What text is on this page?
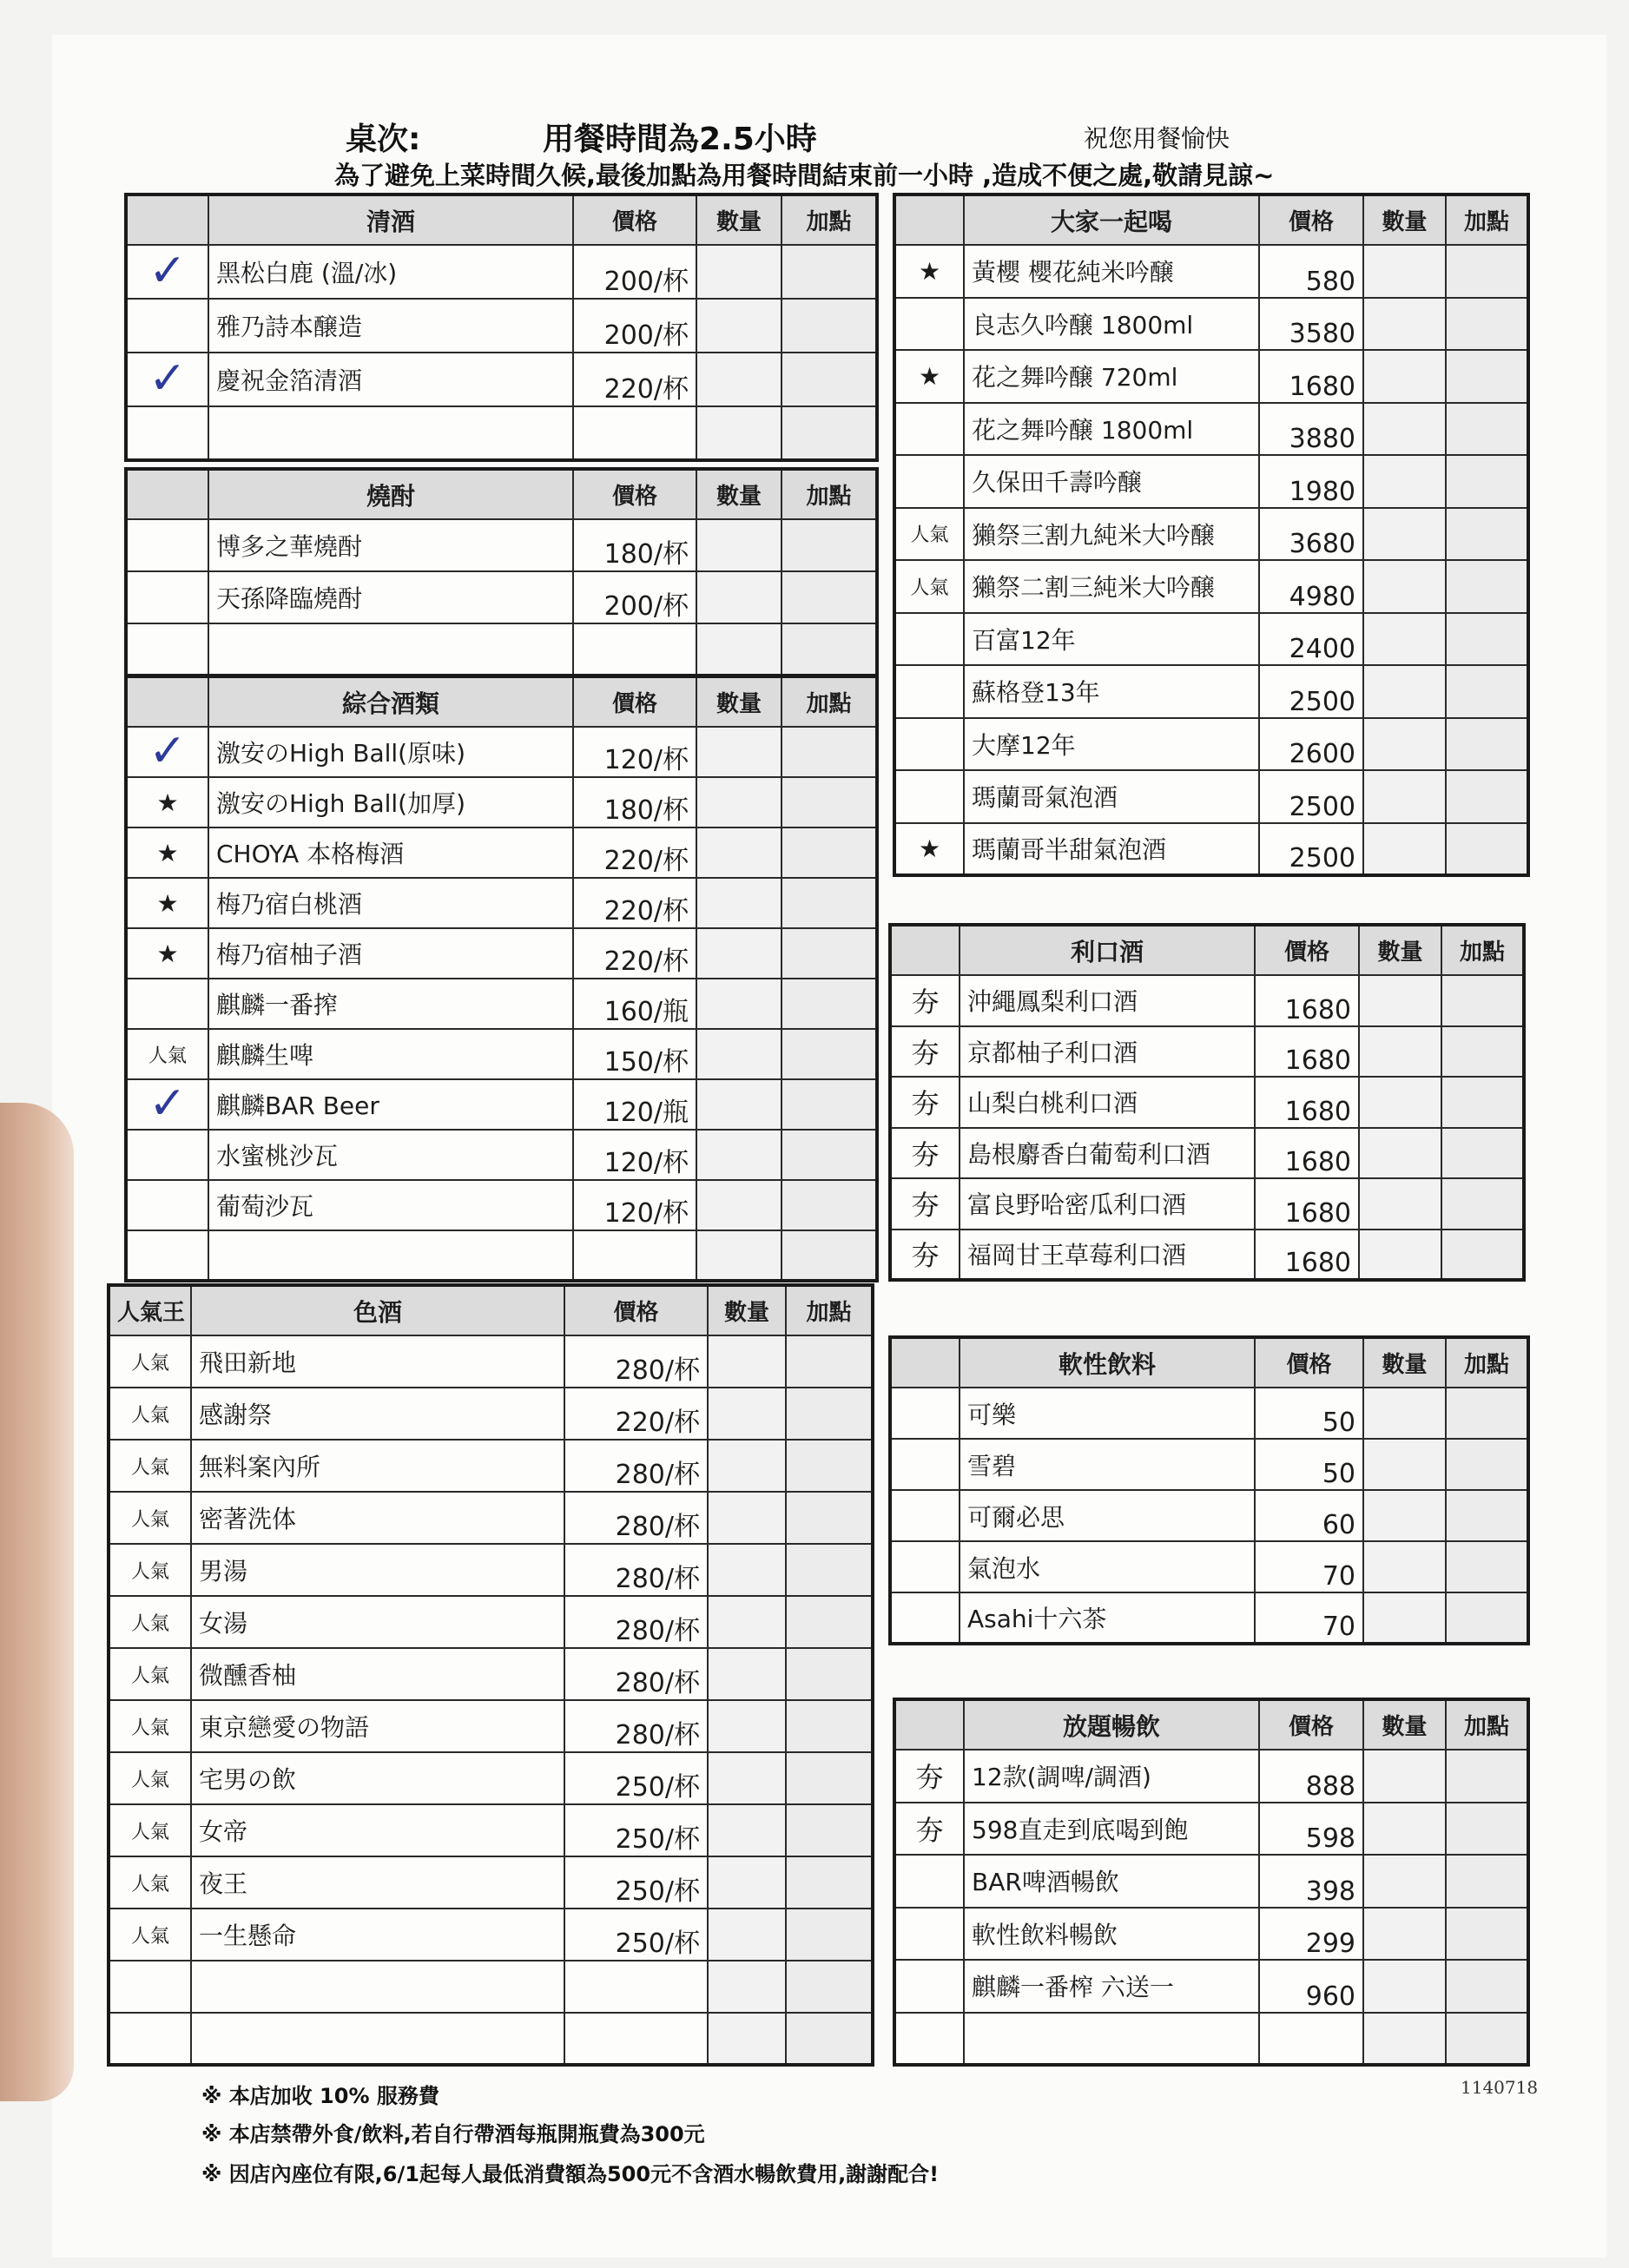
桌次:	用餐時間為2.5小時	祝您用餐愉快
為了避免上菜時間久候,最後加點為用餐時間結束前一小時 ,造成不便之處,敬請見諒~
	清酒	價格	數量	加點
✓	黑松白鹿 (溫/冰)	200/杯		
	雅乃詩本醸造	200/杯		
✓	慶祝金箔清酒	220/杯		

	燒酎	價格	數量	加點
	博多之華燒酎	180/杯		
	天孫降臨燒酎	200/杯		

	綜合酒類	價格	數量	加點
✓	激安のHigh Ball(原味)	120/杯		
★	激安のHigh Ball(加厚)	180/杯		
★	CHOYA 本格梅酒	220/杯		
★	梅乃宿白桃酒	220/杯		
★	梅乃宿柚子酒	220/杯		
	麒麟一番搾	160/瓶		
人氣	麒麟生啤	150/杯		
✓	麒麟BAR Beer	120/瓶		
	水蜜桃沙瓦	120/杯		
	葡萄沙瓦	120/杯		

人氣王	色酒	價格	數量	加點
人氣	飛田新地	280/杯		
人氣	感謝祭	220/杯		
人氣	無料案內所	280/杯		
人氣	密著洗体	280/杯		
人氣	男湯	280/杯		
人氣	女湯	280/杯		
人氣	微醺香柚	280/杯		
人氣	東京戀愛の物語	280/杯		
人氣	宅男の飲	250/杯		
人氣	女帝	250/杯		
人氣	夜王	250/杯		
人氣	一生懸命	250/杯		

	大家一起喝	價格	數量	加點
★	黃櫻 櫻花純米吟醸	580		
	良志久吟醸 1800ml	3580		
★	花之舞吟醸 720ml	1680		
	花之舞吟醸 1800ml	3880		
	久保田千壽吟醸	1980		
人氣	獺祭三割九純米大吟醸	3680		
人氣	獺祭二割三純米大吟醸	4980		
	百富12年	2400		
	蘇格登13年	2500		
	大摩12年	2600		
	瑪蘭哥氣泡酒	2500		
★	瑪蘭哥半甜氣泡酒	2500		
	利口酒	價格	數量	加點
夯	沖繩鳳梨利口酒	1680		
夯	京都柚子利口酒	1680		
夯	山梨白桃利口酒	1680		
夯	島根麝香白葡萄利口酒	1680		
夯	富良野哈密瓜利口酒	1680		
夯	福岡甘王草莓利口酒	1680		
	軟性飲料	價格	數量	加點
	可樂	50		
	雪碧	50		
	可爾必思	60		
	氣泡水	70		
	Asahi十六茶	70		
	放題暢飲	價格	數量	加點
夯	12款(調啤/調酒)	888		
夯	598直走到底喝到飽	598		
	BAR啤酒暢飲	398		
	軟性飲料暢飲	299		
	麒麟一番榨 六送一	960		

※ 本店加收 10% 服務費
※ 本店禁帶外食/飲料,若自行帶酒每瓶開瓶費為300元
※ 因店內座位有限,6/1起每人最低消費額為500元不含酒水暢飲費用,謝謝配合!
1140718
